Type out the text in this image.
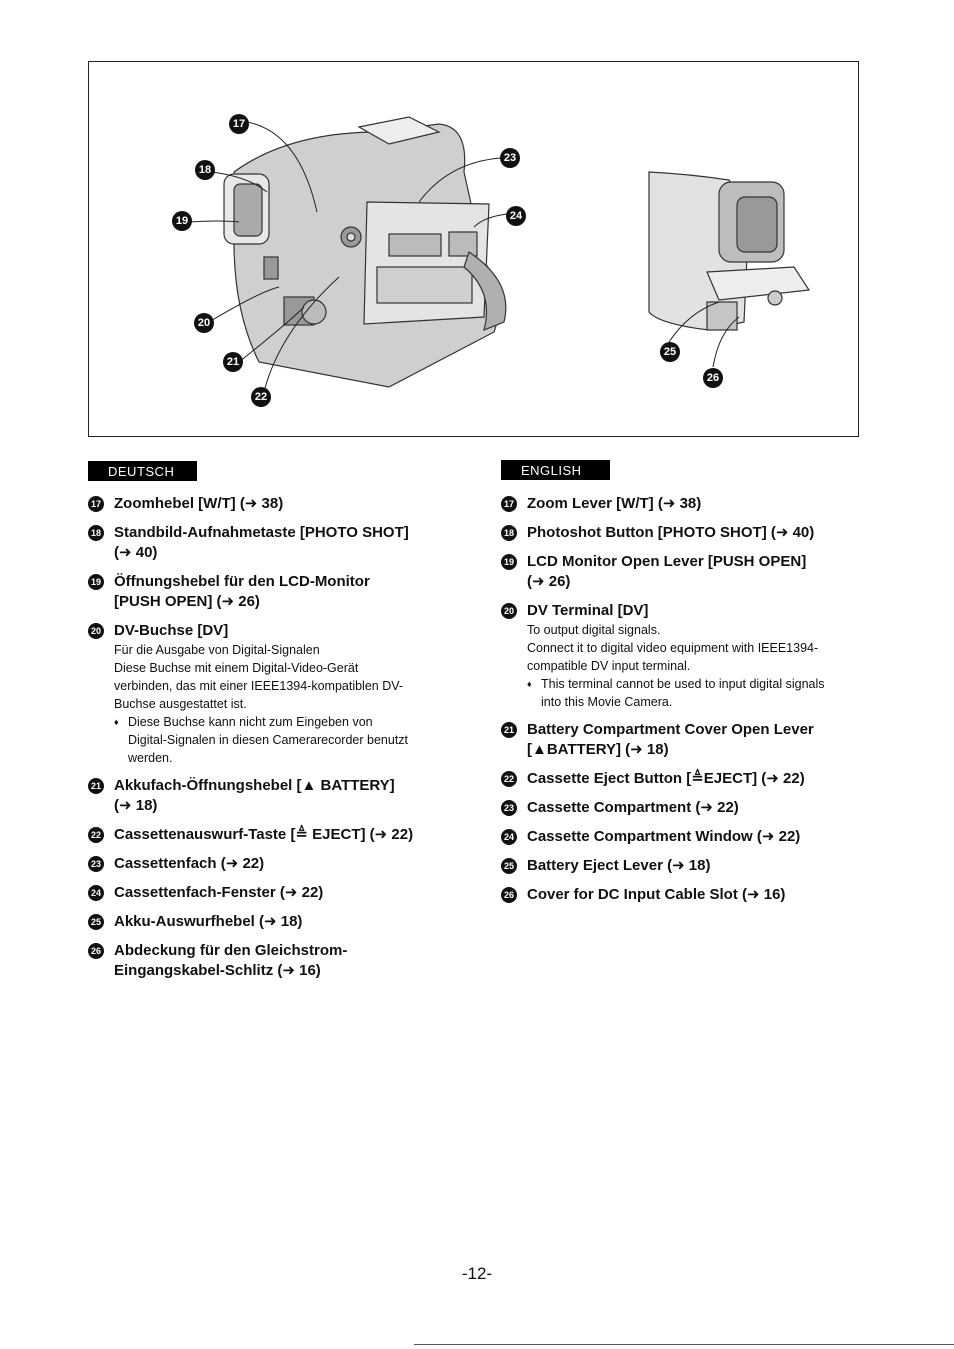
17
18
19
20
21
22
23
24
25
26
DEUTSCH	ENGLISH
17 Zoomhebel [W/T] (➜ 38)
18 Standbild-Aufnahmetaste [PHOTO SHOT]
(➜ 40)
19 Öffnungshebel für den LCD-Monitor
[PUSH OPEN] (➜ 26)
20 DV-Buchse [DV]
Für die Ausgabe von Digital-Signalen
Diese Buchse mit einem Digital-Video-Gerät
verbinden, das mit einer IEEE1394-kompatiblen DV-
Buchse ausgestattet ist.
♦ Diese Buchse kann nicht zum Eingeben von
Digital-Signalen in diesen Camerarecorder benutzt
werden.
21 Akkufach-Öffnungshebel [▲ BATTERY]
(➜ 18)
22 Cassettenauswurf-Taste [≜ EJECT] (➜ 22)
23 Cassettenfach (➜ 22)
24 Cassettenfach-Fenster (➜ 22)
25 Akku-Auswurfhebel (➜ 18)
26 Abdeckung für den Gleichstrom-
Eingangskabel-Schlitz (➜ 16)
17 Zoom Lever [W/T] (➜ 38)
18 Photoshot Button [PHOTO SHOT] (➜ 40)
19 LCD Monitor Open Lever [PUSH OPEN]
(➜ 26)
20 DV Terminal [DV]
To output digital signals.
Connect it to digital video equipment with IEEE1394-
compatible DV input terminal.
♦ This terminal cannot be used to input digital signals
into this Movie Camera.
21 Battery Compartment Cover Open Lever
[▲BATTERY] (➜ 18)
22 Cassette Eject Button [≜EJECT] (➜ 22)
23 Cassette Compartment (➜ 22)
24 Cassette Compartment Window (➜ 22)
25 Battery Eject Lever (➜ 18)
26 Cover for DC Input Cable Slot (➜ 16)
-12-
